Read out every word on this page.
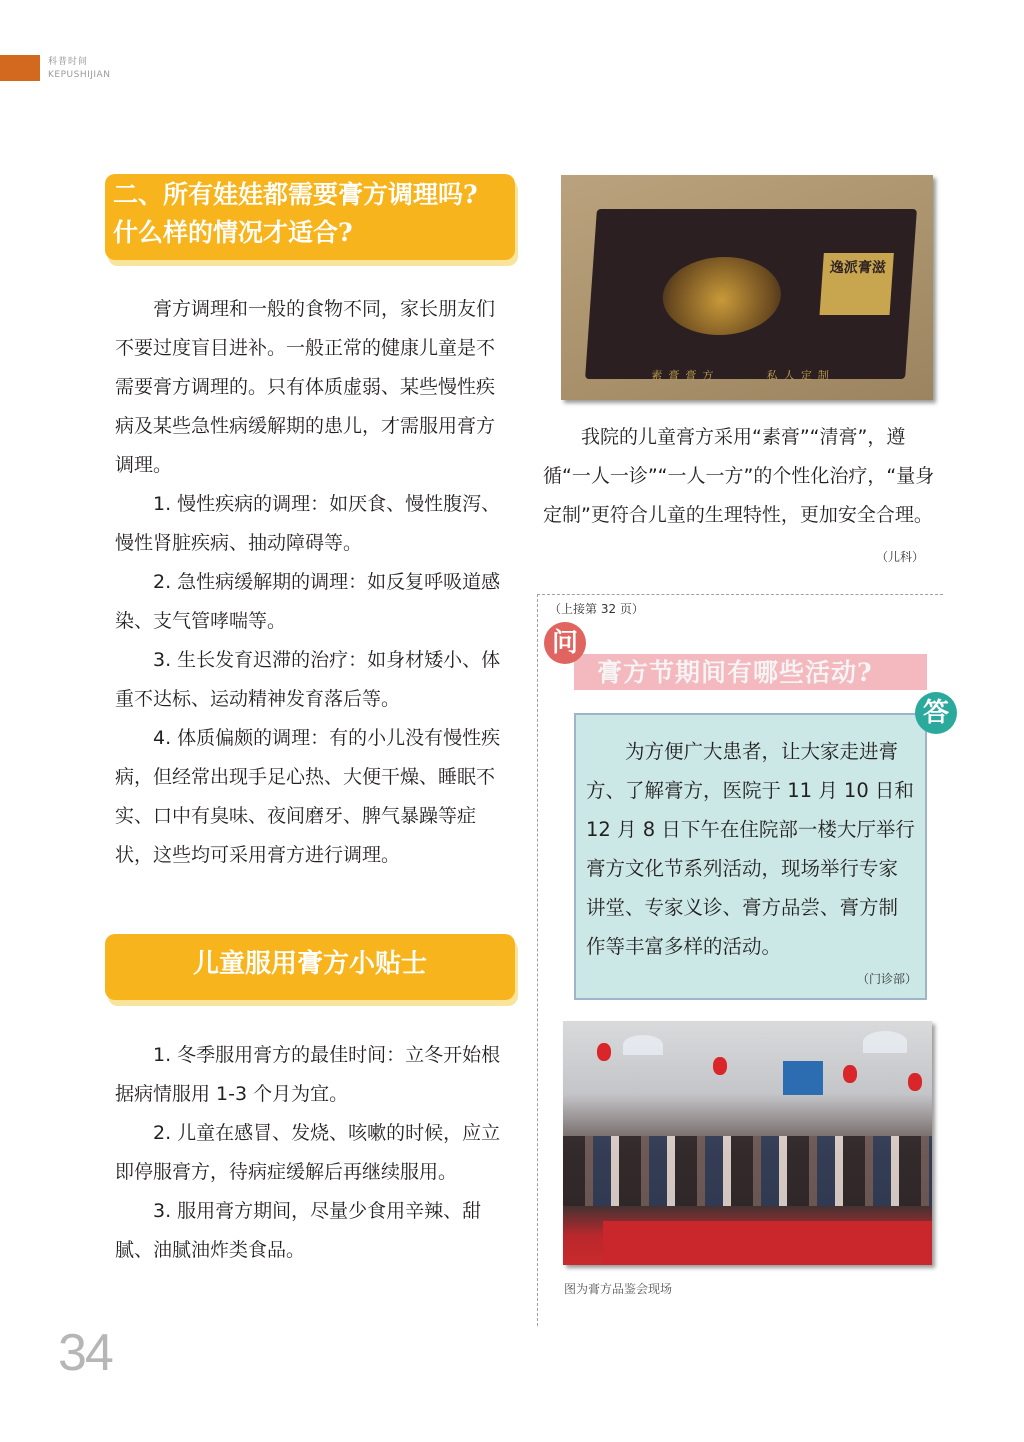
科普时间
KEPUSHIJIAN
二、所有娃娃都需要膏方调理吗?
什么样的情况才适合?

膏方调理和一般的食物不同，家长朋友们不要过度盲目进补。一般正常的健康儿童是不需要膏方调理的。只有体质虚弱、某些慢性疾病及某些急性病缓解期的患儿，才需服用膏方调理。

1. 慢性疾病的调理：如厌食、慢性腹泻、慢性肾脏疾病、抽动障碍等。

2. 急性病缓解期的调理：如反复呼吸道感染、支气管哮喘等。

3. 生长发育迟滞的治疗：如身材矮小、体重不达标、运动精神发育落后等。

4. 体质偏颇的调理：有的小儿没有慢性疾病，但经常出现手足心热、大便干燥、睡眠不实、口中有臭味、夜间磨牙、脾气暴躁等症状，这些均可采用膏方进行调理。

儿童服用膏方小贴士

1. 冬季服用膏方的最佳时间：立冬开始根据病情服用 1-3 个月为宜。

2. 儿童在感冒、发烧、咳嗽的时候，应立即停服膏方，待病症缓解后再继续服用。

3. 服用膏方期间，尽量少食用辛辣、甜腻、油腻油炸类食品。

逸派膏滋
素膏膏方	私人定制

我院的儿童膏方采用“素膏”“清膏”，遵循“一人一诊”“一人一方”的个性化治疗，“量身定制”更符合儿童的生理特性，更加安全合理。

（儿科）
（上接第 32 页）
问
膏方节期间有哪些活动?
答

为方便广大患者，让大家走进膏方、了解膏方，医院于 11 月 10 日和 12 月 8 日下午在住院部一楼大厅举行膏方文化节系列活动，现场举行专家讲堂、专家义诊、膏方品尝、膏方制作等丰富多样的活动。

（门诊部）
图为膏方品鉴会现场
34
